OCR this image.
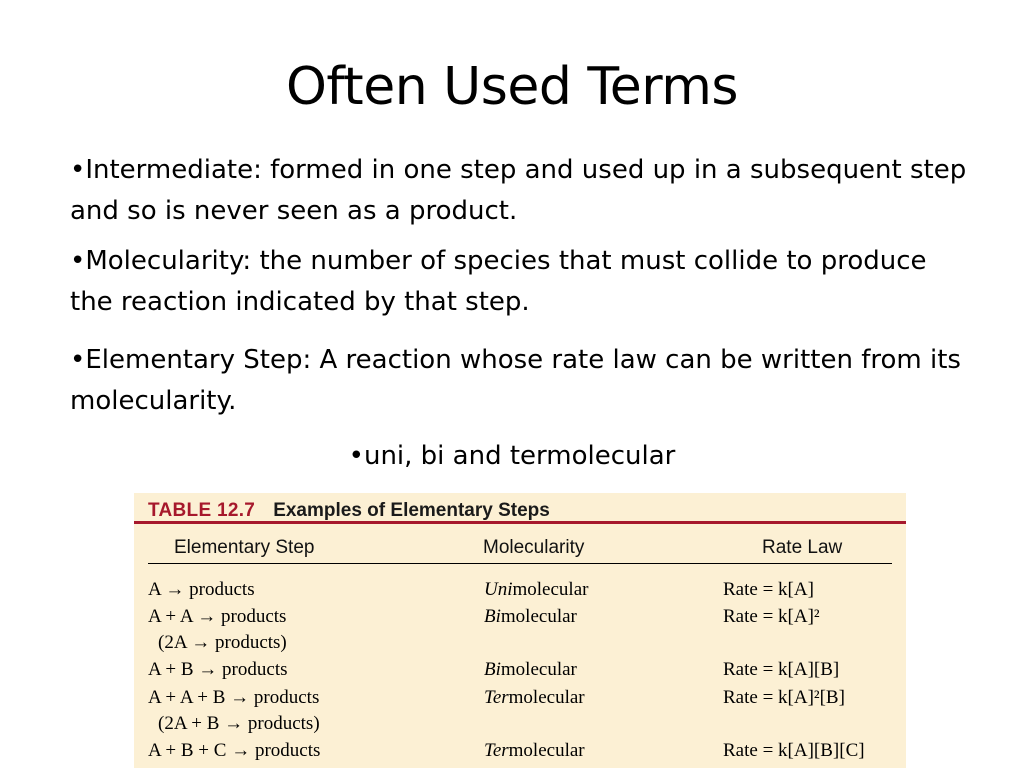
Often Used Terms
•Intermediate: formed in one step and used up in a subsequent step and so is never seen as a product.
•Molecularity: the number of species that must collide to produce the reaction indicated by that step.
•Elementary Step: A reaction whose rate law can be written from its molecularity.
•uni, bi and termolecular
TABLE 12.7 Examples of Elementary Steps
Elementary Step	Molecularity	Rate Law
A → products	Unimolecular	Rate = k[A]
A + A → products	Bimolecular	Rate = k[A]²
(2A → products)
A + B → products	Bimolecular	Rate = k[A][B]
A + A + B → products	Termolecular	Rate = k[A]²[B]
(2A + B → products)
A + B + C → products	Termolecular	Rate = k[A][B][C]
